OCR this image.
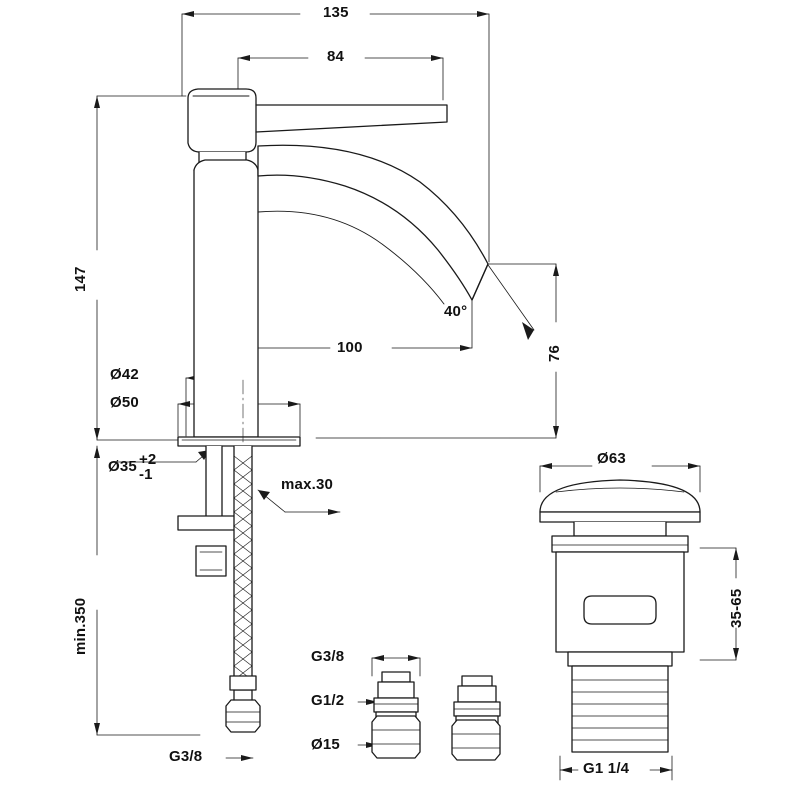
135
84
147
40°
76
100
Ø42
Ø50
Ø35 +2
-1
max.30
min.350
G3/8
G3/8
G1/2
Ø15
Ø63
35-65
G1 1/4
